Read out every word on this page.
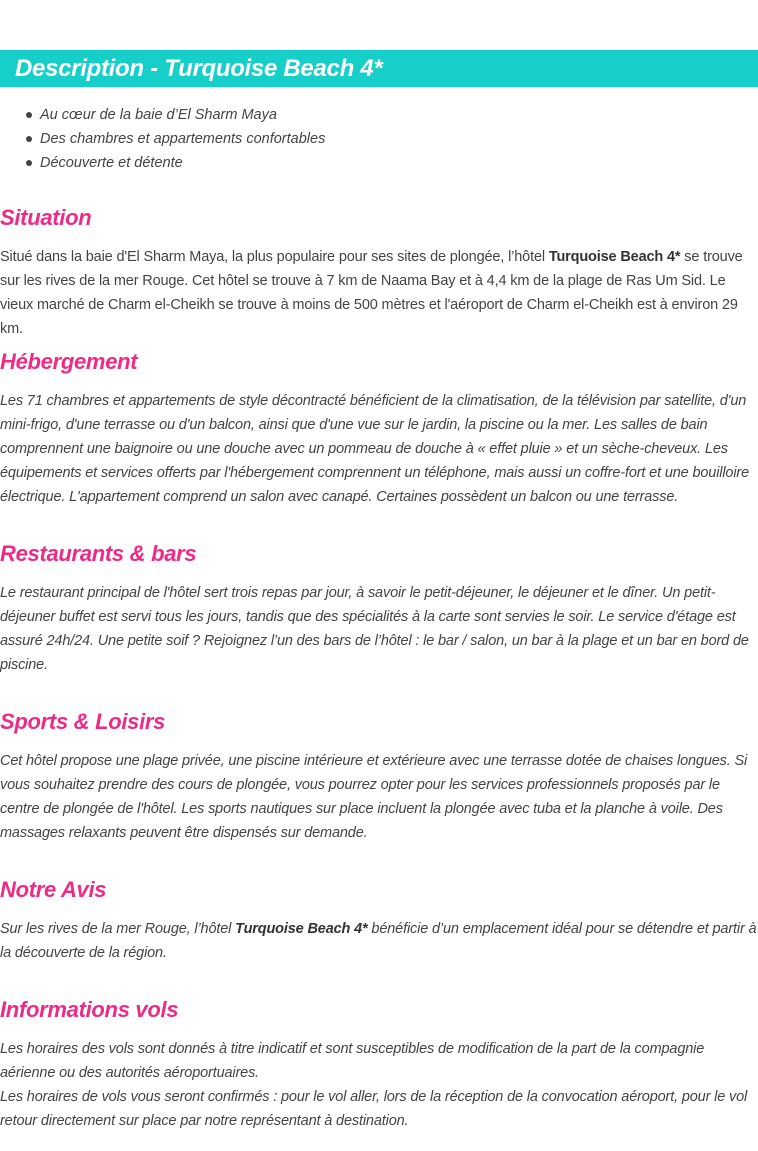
Description - Turquoise Beach 4*
Au cœur de la baie d’El Sharm Maya
Des chambres et appartements confortables
Découverte et détente
Situation

Situé dans la baie d'El Sharm Maya, la plus populaire pour ses sites de plongée, l’hôtel Turquoise Beach 4* se trouve sur les rives de la mer Rouge. Cet hôtel se trouve à 7 km de Naama Bay et à 4,4 km de la plage de Ras Um Sid. Le vieux marché de Charm el-Cheikh se trouve à moins de 500 mètres et l'aéroport de Charm el-Cheikh est à environ 29 km.

Hébergement

Les 71 chambres et appartements de style décontracté bénéficient de la climatisation, de la télévision par satellite, d'un mini-frigo, d'une terrasse ou d'un balcon, ainsi que d'une vue sur le jardin, la piscine ou la mer. Les salles de bain comprennent une baignoire ou une douche avec un pommeau de douche à « effet pluie » et un sèche-cheveux. Les équipements et services offerts par l'hébergement comprennent un téléphone, mais aussi un coffre-fort et une bouilloire électrique. L'appartement comprend un salon avec canapé. Certaines possèdent un balcon ou une terrasse.

Restaurants & bars

Le restaurant principal de l'hôtel sert trois repas par jour, à savoir le petit-déjeuner, le déjeuner et le dîner. Un petit-déjeuner buffet est servi tous les jours, tandis que des spécialités à la carte sont servies le soir. Le service d'étage est assuré 24h/24. Une petite soif ? Rejoignez l’un des bars de l’hôtel : le bar / salon, un bar à la plage et un bar en bord de piscine.

Sports & Loisirs

Cet hôtel propose une plage privée, une piscine intérieure et extérieure avec une terrasse dotée de chaises longues. Si vous souhaitez prendre des cours de plongée, vous pourrez opter pour les services professionnels proposés par le centre de plongée de l'hôtel. Les sports nautiques sur place incluent la plongée avec tuba et la planche à voile. Des massages relaxants peuvent être dispensés sur demande.

Notre Avis

Sur les rives de la mer Rouge, l’hôtel Turquoise Beach 4* bénéficie d’un emplacement idéal pour se détendre et partir à la découverte de la région.

Informations vols

Les horaires des vols sont donnés à titre indicatif et sont susceptibles de modification de la part de la compagnie aérienne ou des autorités aéroportuaires.

Les horaires de vols vous seront confirmés : pour le vol aller, lors de la réception de la convocation aéroport, pour le vol retour directement sur place par notre représentant à destination.
